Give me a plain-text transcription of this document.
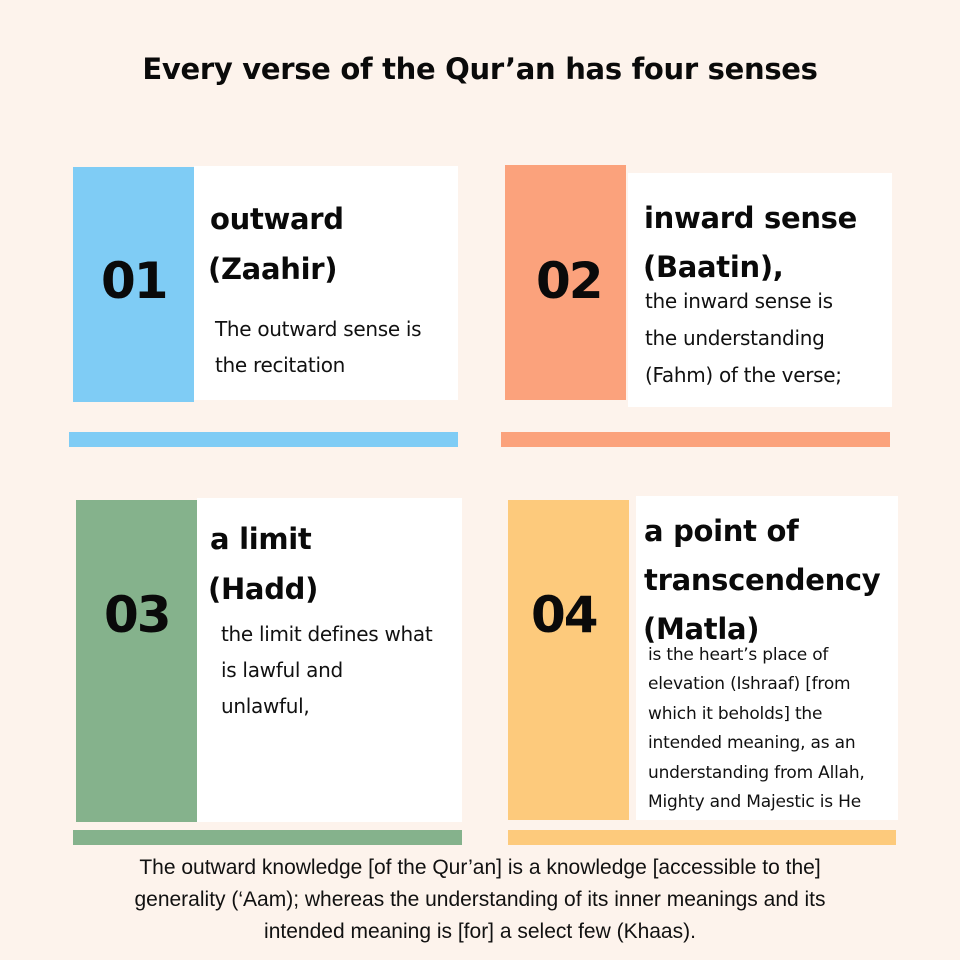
Every verse of the Qur’an has four senses
01
outward
(Zaahir)
The outward sense is
the recitation
02
inward sense
(Baatin),
the inward sense is
the understanding
(Fahm) of the verse;
03
a limit
(Hadd)
the limit defines what
is lawful and
unlawful,
04
a point of
transcendency
(Matla)
is the heart’s place of
elevation (Ishraaf) [from
which it beholds] the
intended meaning, as an
understanding from Allah,
Mighty and Majestic is He
The outward knowledge [of the Qur’an] is a knowledge [accessible to the]
generality (‘Aam); whereas the understanding of its inner meanings and its
intended meaning is [for] a select few (Khaas).
